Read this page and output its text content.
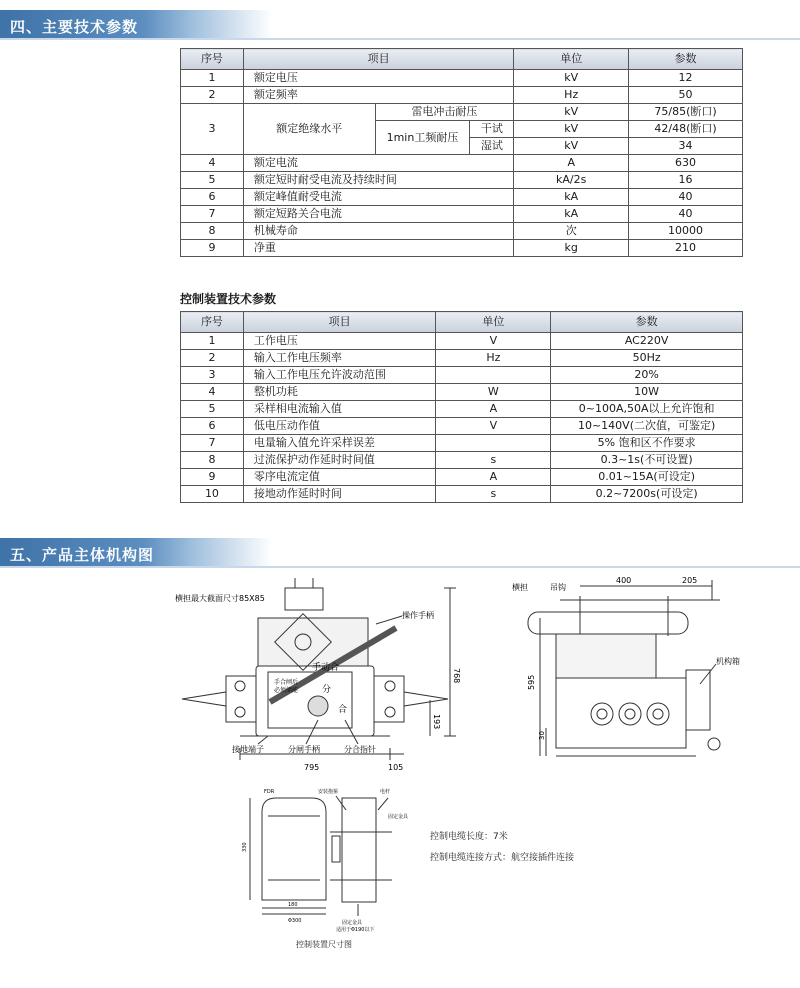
四、主要技术参数
序号	项目			单位	参数
1	额定电压			kV	12
2	额定频率			Hz	50
3	额定绝缘水平	雷电冲击耐压		kV	75/85(断口)
		1min工频耐压	干试	kV	42/48(断口)
			湿试	kV	34
4	额定电流			A	630
5	额定短时耐受电流及持续时间			kA/2s	16
6	额定峰值耐受电流			kA	40
7	额定短路关合电流			kA	40
8	机械寿命			次	10000
9	净重			kg	210
控制装置技术参数
序号	项目	单位	参数
1	工作电压	V	AC220V
2	输入工作电压频率	Hz	50Hz
3	输入工作电压允许波动范围		20%
4	整机功耗	W	10W
5	采样相电流输入值	A	0~100A,50A以上允许饱和
6	低电压动作值	V	10~140V(二次值，可鉴定)
7	电量输入值允许采样误差		5% 饱和区不作要求
8	过流保护动作延时时间值	s	0.3~1s(不可设置)
9	零序电流定值	A	0.01~15A(可设定)
10	接地动作延时时间	s	0.2~7200s(可设定)
五、产品主体机构图
横担最大截面尺寸85X85
操作手柄
手合闸后
必须储能
手动合
分
合
接地端子	分闸手柄	分合指针
795	105
768
193
横担	吊钩
400	205
机构箱
595
30
FDR	安装抱箍	电杆
固定金具
330
180
Φ300	固定金具
适用于Φ190以下
控制装置尺寸图
控制电缆长度：7米
控制电缆连接方式：航空接插件连接
